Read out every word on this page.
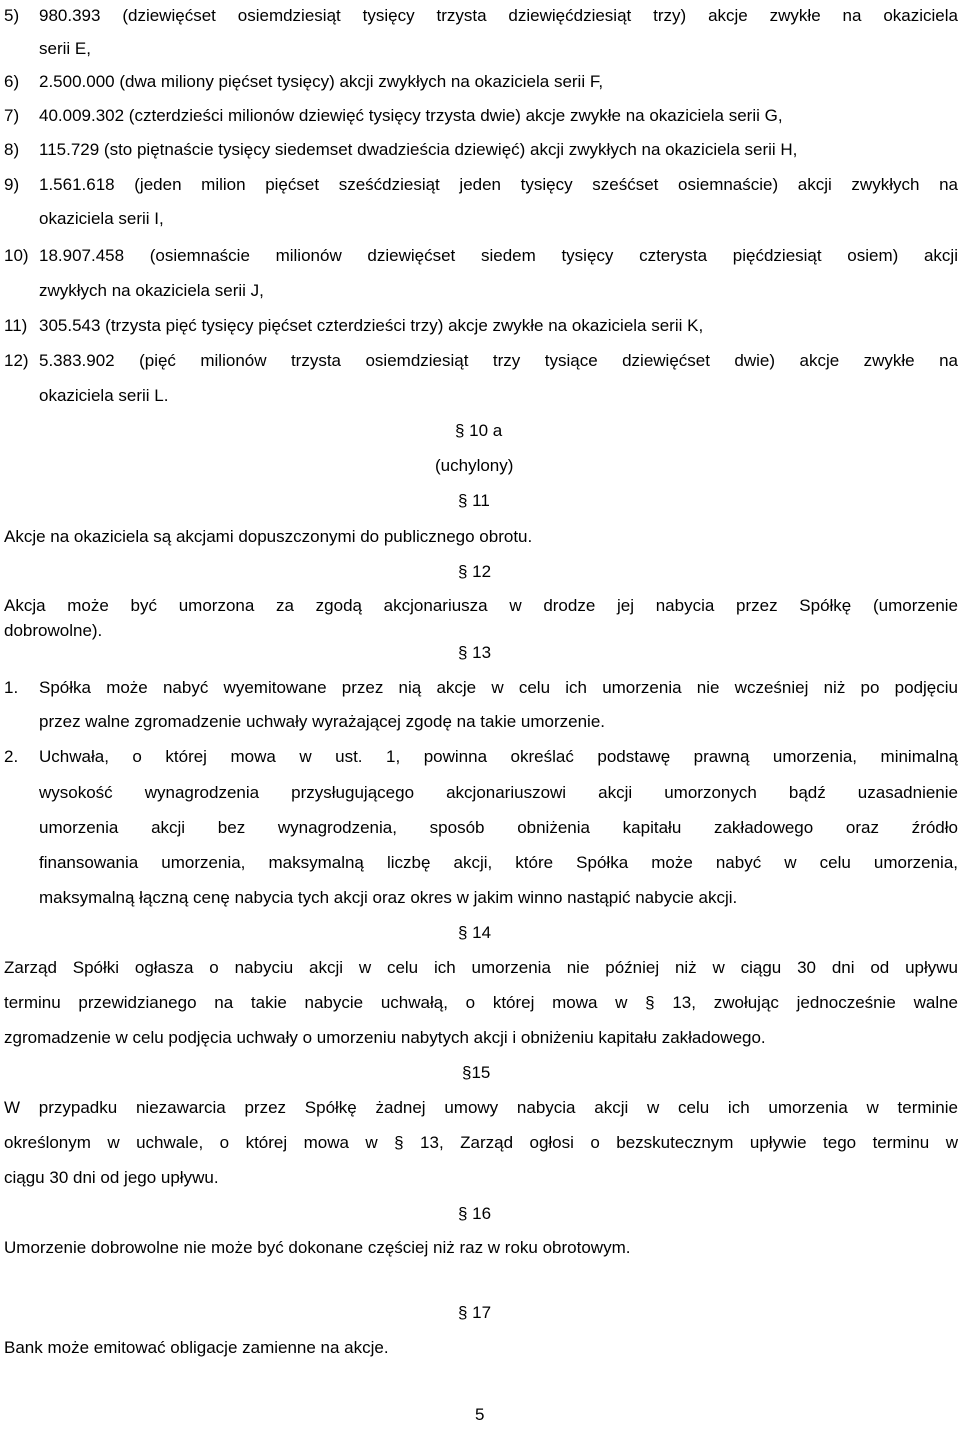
5) 980.393 (dziewięćset osiemdziesiąt tysięcy trzysta dziewięćdziesiąt trzy) akcje zwykłe na okaziciela
serii E,
6) 2.500.000 (dwa miliony pięćset tysięcy) akcji zwykłych na okaziciela serii F,
7) 40.009.302 (czterdzieści milionów dziewięć tysięcy trzysta dwie) akcje zwykłe na okaziciela serii G,
8) 115.729 (sto piętnaście tysięcy siedemset dwadzieścia dziewięć) akcji zwykłych na okaziciela serii H,
9) 1.561.618 (jeden milion pięćset sześćdziesiąt jeden tysięcy sześćset osiemnaście) akcji zwykłych na
okaziciela serii I,
10) 18.907.458 (osiemnaście milionów dziewięćset siedem tysięcy czterysta pięćdziesiąt osiem) akcji
zwykłych na okaziciela serii J,
11) 305.543 (trzysta pięć tysięcy pięćset czterdzieści trzy) akcje zwykłe na okaziciela serii K,
12) 5.383.902 (pięć milionów trzysta osiemdziesiąt trzy tysiące dziewięćset dwie) akcje zwykłe na
okaziciela serii L.
§ 10 a
(uchylony)
§ 11
Akcje na okaziciela są akcjami dopuszczonymi do publicznego obrotu.
§ 12
Akcja może być umorzona za zgodą akcjonariusza w drodze jej nabycia przez Spółkę (umorzenie
dobrowolne).
§ 13
1. Spółka może nabyć wyemitowane przez nią akcje w celu ich umorzenia nie wcześniej niż po podjęciu
przez walne zgromadzenie uchwały wyrażającej zgodę na takie umorzenie.
2. Uchwała, o której mowa w ust. 1, powinna określać podstawę prawną umorzenia, minimalną
wysokość wynagrodzenia przysługującego akcjonariuszowi akcji umorzonych bądź uzasadnienie
umorzenia akcji bez wynagrodzenia, sposób obniżenia kapitału zakładowego oraz źródło
finansowania umorzenia, maksymalną liczbę akcji, które Spółka może nabyć w celu umorzenia,
maksymalną łączną cenę nabycia tych akcji oraz okres w jakim winno nastąpić nabycie akcji.
§ 14
Zarząd Spółki ogłasza o nabyciu akcji w celu ich umorzenia nie później niż w ciągu 30 dni od upływu
terminu przewidzianego na takie nabycie uchwałą, o której mowa w § 13, zwołując jednocześnie walne
zgromadzenie w celu podjęcia uchwały o umorzeniu nabytych akcji i obniżeniu kapitału zakładowego.
§15
W przypadku niezawarcia przez Spółkę żadnej umowy nabycia akcji w celu ich umorzenia w terminie
określonym w uchwale, o której mowa w § 13, Zarząd ogłosi o bezskutecznym upływie tego terminu w
ciągu 30 dni od jego upływu.
§ 16
Umorzenie dobrowolne nie może być dokonane częściej niż raz w roku obrotowym.
§ 17
Bank może emitować obligacje zamienne na akcje.
5
